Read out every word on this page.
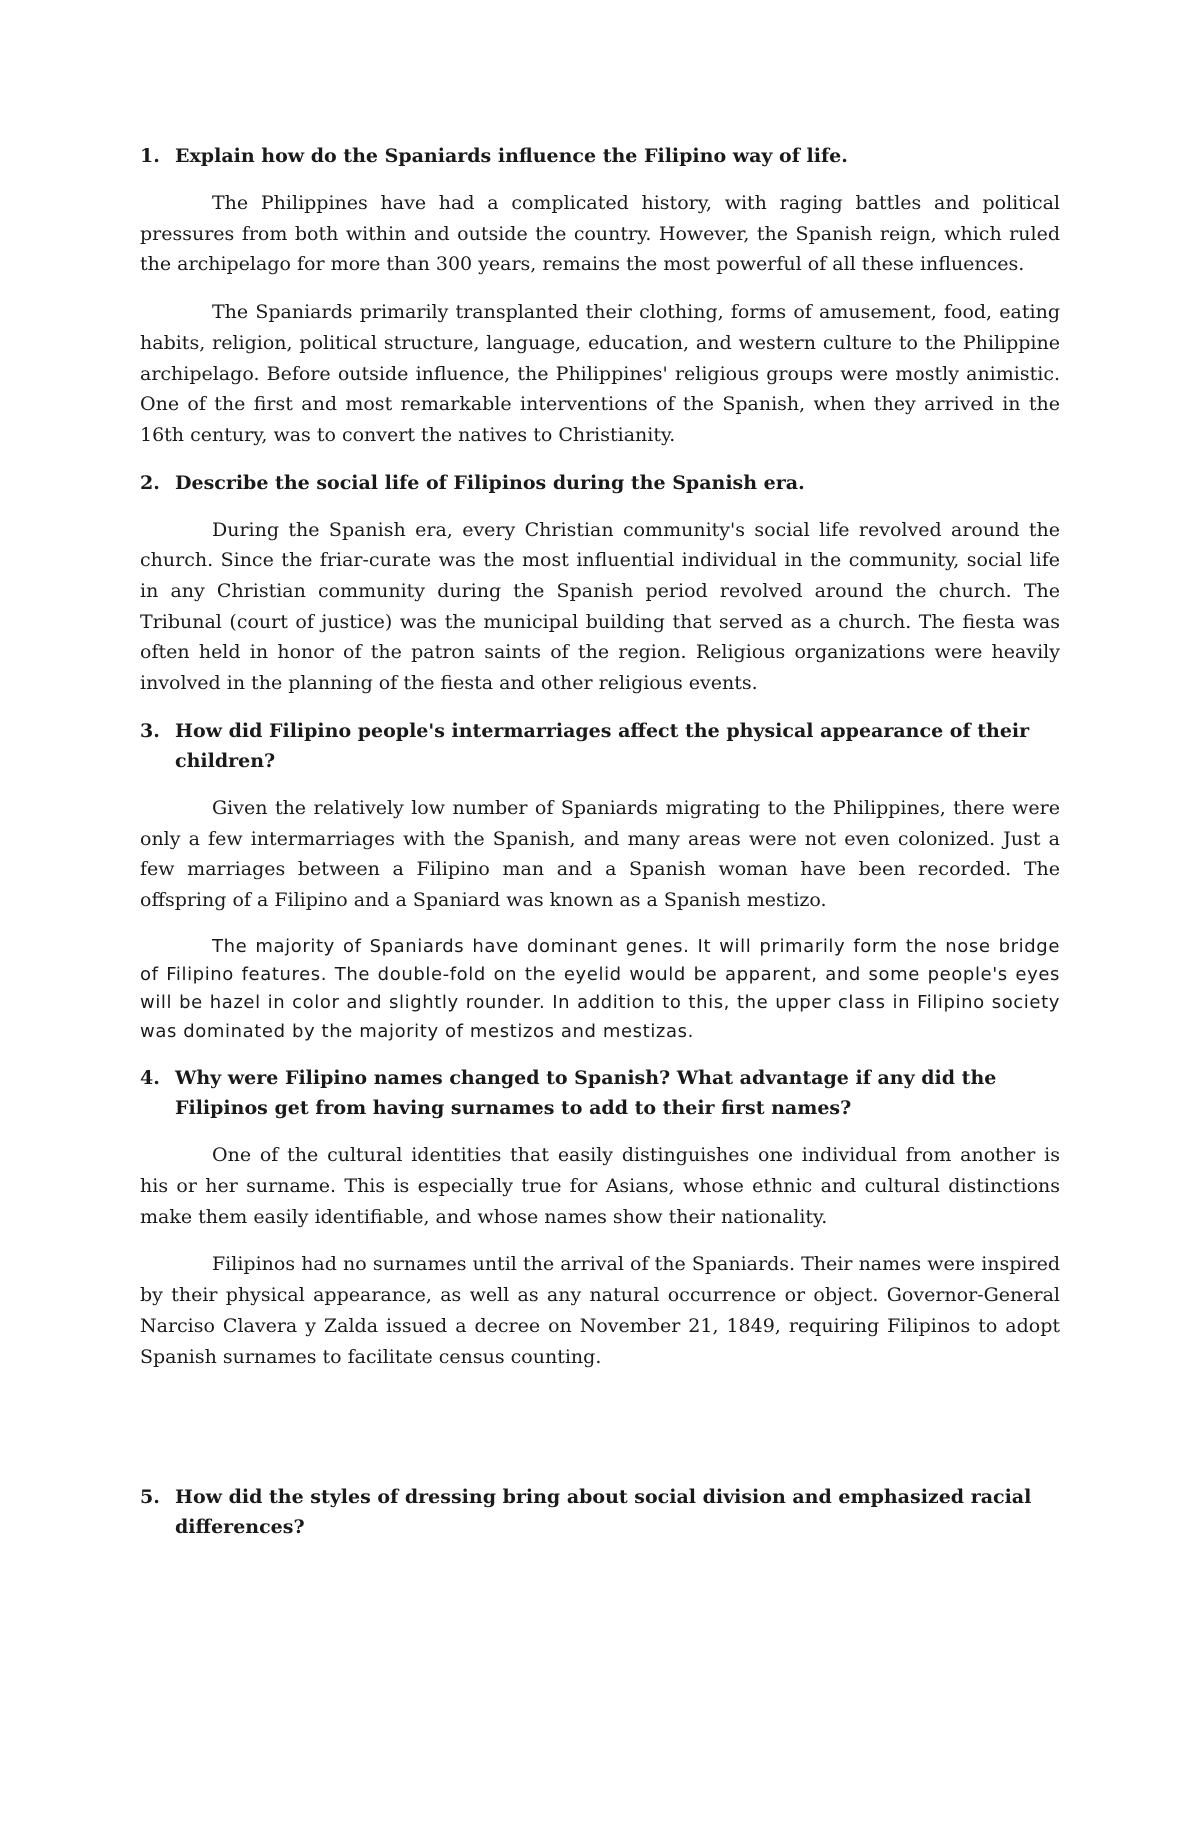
1. Explain how do the Spaniards influence the Filipino way of life.

The Philippines have had a complicated history, with raging battles and political pressures from both within and outside the country. However, the Spanish reign, which ruled the archipelago for more than 300 years, remains the most powerful of all these influences.

The Spaniards primarily transplanted their clothing, forms of amusement, food, eating habits, religion, political structure, language, education, and western culture to the Philippine archipelago. Before outside influence, the Philippines' religious groups were mostly animistic. One of the first and most remarkable interventions of the Spanish, when they arrived in the 16th century, was to convert the natives to Christianity.

2. Describe the social life of Filipinos during the Spanish era.

During the Spanish era, every Christian community's social life revolved around the church. Since the friar-curate was the most influential individual in the community, social life in any Christian community during the Spanish period revolved around the church. The Tribunal (court of justice) was the municipal building that served as a church. The fiesta was often held in honor of the patron saints of the region. Religious organizations were heavily involved in the planning of the fiesta and other religious events.

3. How did Filipino people's intermarriages affect the physical appearance of their children?

Given the relatively low number of Spaniards migrating to the Philippines, there were only a few intermarriages with the Spanish, and many areas were not even colonized. Just a few marriages between a Filipino man and a Spanish woman have been recorded. The offspring of a Filipino and a Spaniard was known as a Spanish mestizo.

The majority of Spaniards have dominant genes. It will primarily form the nose bridge of Filipino features. The double-fold on the eyelid would be apparent, and some people's eyes will be hazel in color and slightly rounder. In addition to this, the upper class in Filipino society was dominated by the majority of mestizos and mestizas.

4. Why were Filipino names changed to Spanish? What advantage if any did the Filipinos get from having surnames to add to their first names?

One of the cultural identities that easily distinguishes one individual from another is his or her surname. This is especially true for Asians, whose ethnic and cultural distinctions make them easily identifiable, and whose names show their nationality.

Filipinos had no surnames until the arrival of the Spaniards. Their names were inspired by their physical appearance, as well as any natural occurrence or object. Governor-General Narciso Clavera y Zalda issued a decree on November 21, 1849, requiring Filipinos to adopt Spanish surnames to facilitate census counting.

5. How did the styles of dressing bring about social division and emphasized racial differences?
